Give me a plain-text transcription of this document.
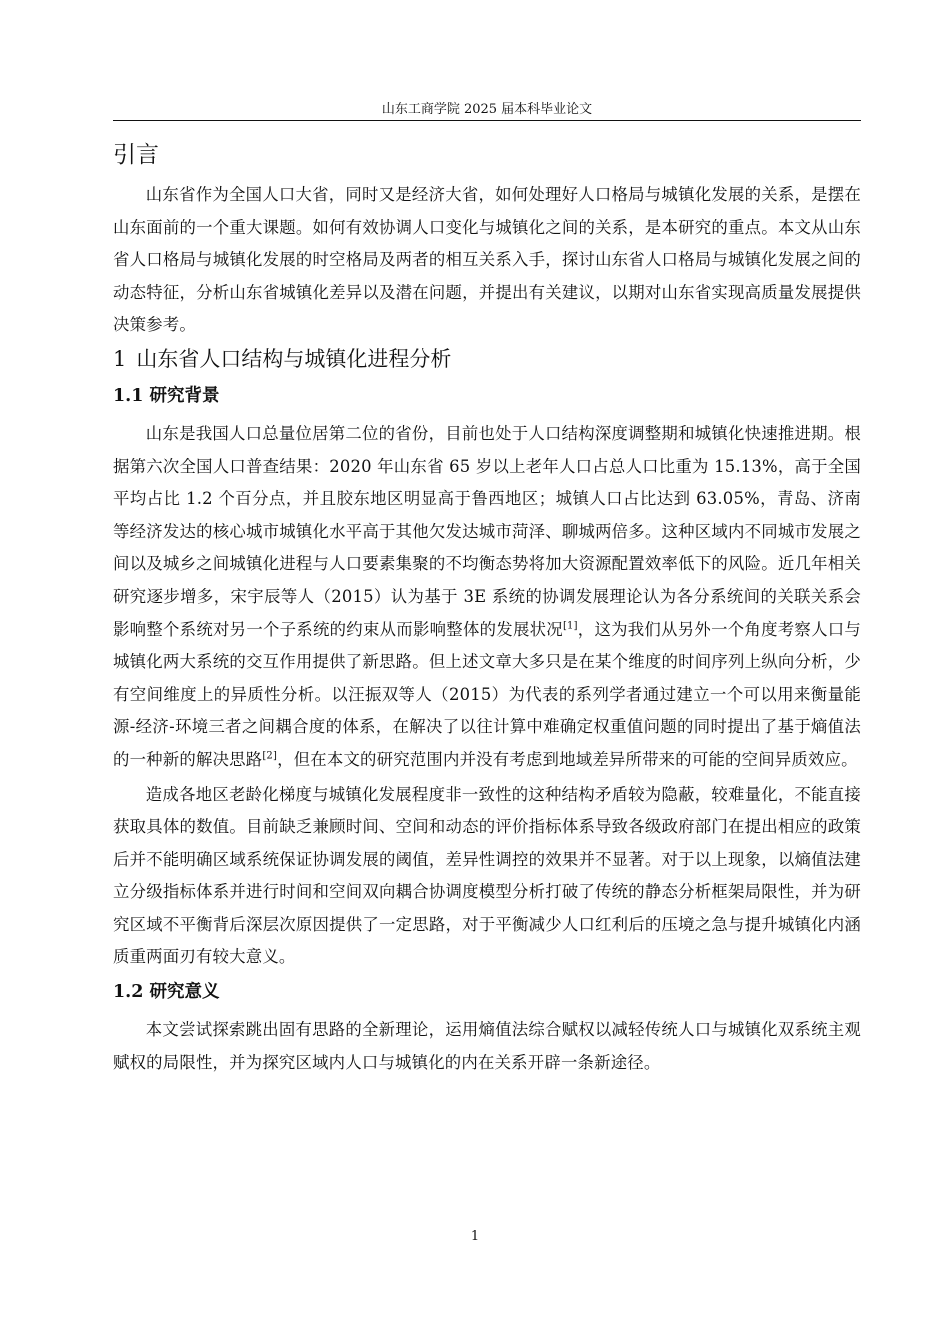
山东工商学院 2025 届本科毕业论文
引言

山东省作为全国人口大省，同时又是经济大省，如何处理好人口格局与城镇化发展的关系，是摆在山东面前的一个重大课题。如何有效协调人口变化与城镇化之间的关系，是本研究的重点。本文从山东省人口格局与城镇化发展的时空格局及两者的相互关系入手，探讨山东省人口格局与城镇化发展之间的动态特征，分析山东省城镇化差异以及潜在问题，并提出有关建议，以期对山东省实现高质量发展提供决策参考。

1 山东省人口结构与城镇化进程分析
1.1 研究背景

山东是我国人口总量位居第二位的省份，目前也处于人口结构深度调整期和城镇化快速推进期。根据第六次全国人口普查结果：2020 年山东省 65 岁以上老年人口占总人口比重为 15.13%，高于全国平均占比 1.2 个百分点，并且胶东地区明显高于鲁西地区；城镇人口占比达到 63.05%，青岛、济南等经济发达的核心城市城镇化水平高于其他欠发达城市菏泽、聊城两倍多。这种区域内不同城市发展之间以及城乡之间城镇化进程与人口要素集聚的不均衡态势将加大资源配置效率低下的风险。近几年相关研究逐步增多，宋宇辰等人（2015）认为基于 3E 系统的协调发展理论认为各分系统间的关联关系会影响整个系统对另一个子系统的约束从而影响整体的发展状况[1]，这为我们从另外一个角度考察人口与城镇化两大系统的交互作用提供了新思路。但上述文章大多只是在某个维度的时间序列上纵向分析，少有空间维度上的异质性分析。以汪振双等人（2015）为代表的系列学者通过建立一个可以用来衡量能源-经济-环境三者之间耦合度的体系，在解决了以往计算中难确定权重值问题的同时提出了基于熵值法的一种新的解决思路[2]，但在本文的研究范围内并没有考虑到地域差异所带来的可能的空间异质效应。

造成各地区老龄化梯度与城镇化发展程度非一致性的这种结构矛盾较为隐蔽，较难量化，不能直接获取具体的数值。目前缺乏兼顾时间、空间和动态的评价指标体系导致各级政府部门在提出相应的政策后并不能明确区域系统保证协调发展的阈值，差异性调控的效果并不显著。对于以上现象，以熵值法建立分级指标体系并进行时间和空间双向耦合协调度模型分析打破了传统的静态分析框架局限性，并为研究区域不平衡背后深层次原因提供了一定思路，对于平衡减少人口红利后的压境之急与提升城镇化内涵质重两面刃有较大意义。

1.2 研究意义

本文尝试探索跳出固有思路的全新理论，运用熵值法综合赋权以减轻传统人口与城镇化双系统主观赋权的局限性，并为探究区域内人口与城镇化的内在关系开辟一条新途径。

1
